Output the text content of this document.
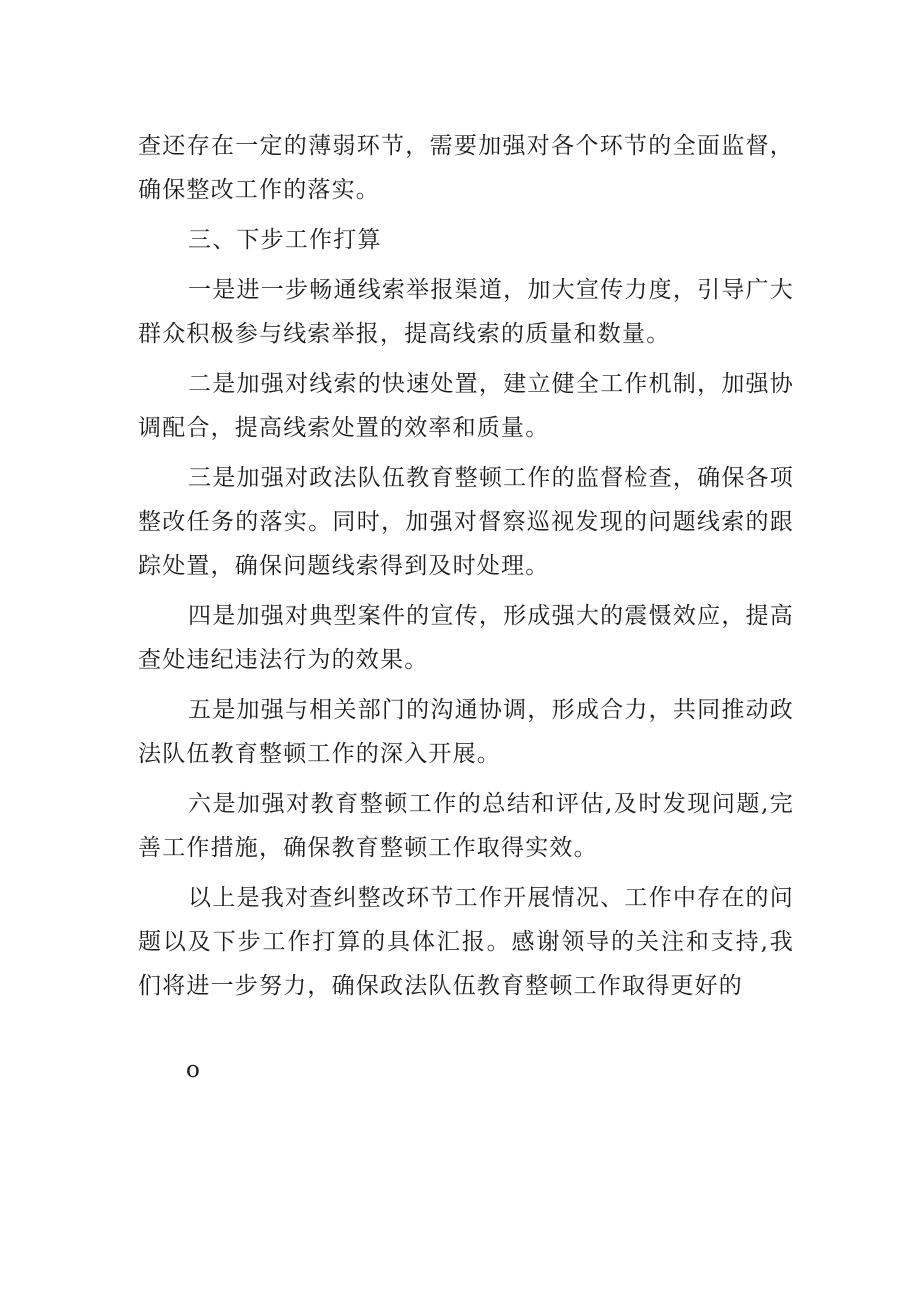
查还存在一定的薄弱环节，需要加强对各个环节的全面监督，确保整改工作的落实。

三、下步工作打算

一是进一步畅通线索举报渠道，加大宣传力度，引导广大群众积极参与线索举报，提高线索的质量和数量。

二是加强对线索的快速处置，建立健全工作机制，加强协调配合，提高线索处置的效率和质量。

三是加强对政法队伍教育整顿工作的监督检查，确保各项整改任务的落实。同时，加强对督察巡视发现的问题线索的跟踪处置，确保问题线索得到及时处理。

四是加强对典型案件的宣传，形成强大的震慑效应，提高查处违纪违法行为的效果。

五是加强与相关部门的沟通协调，形成合力，共同推动政法队伍教育整顿工作的深入开展。

六是加强对教育整顿工作的总结和评估,及时发现问题,完善工作措施，确保教育整顿工作取得实效。

以上是我对查纠整改环节工作开展情况、工作中存在的问题以及下步工作打算的具体汇报。感谢领导的关注和支持,我们将进一步努力，确保政法队伍教育整顿工作取得更好的

o
